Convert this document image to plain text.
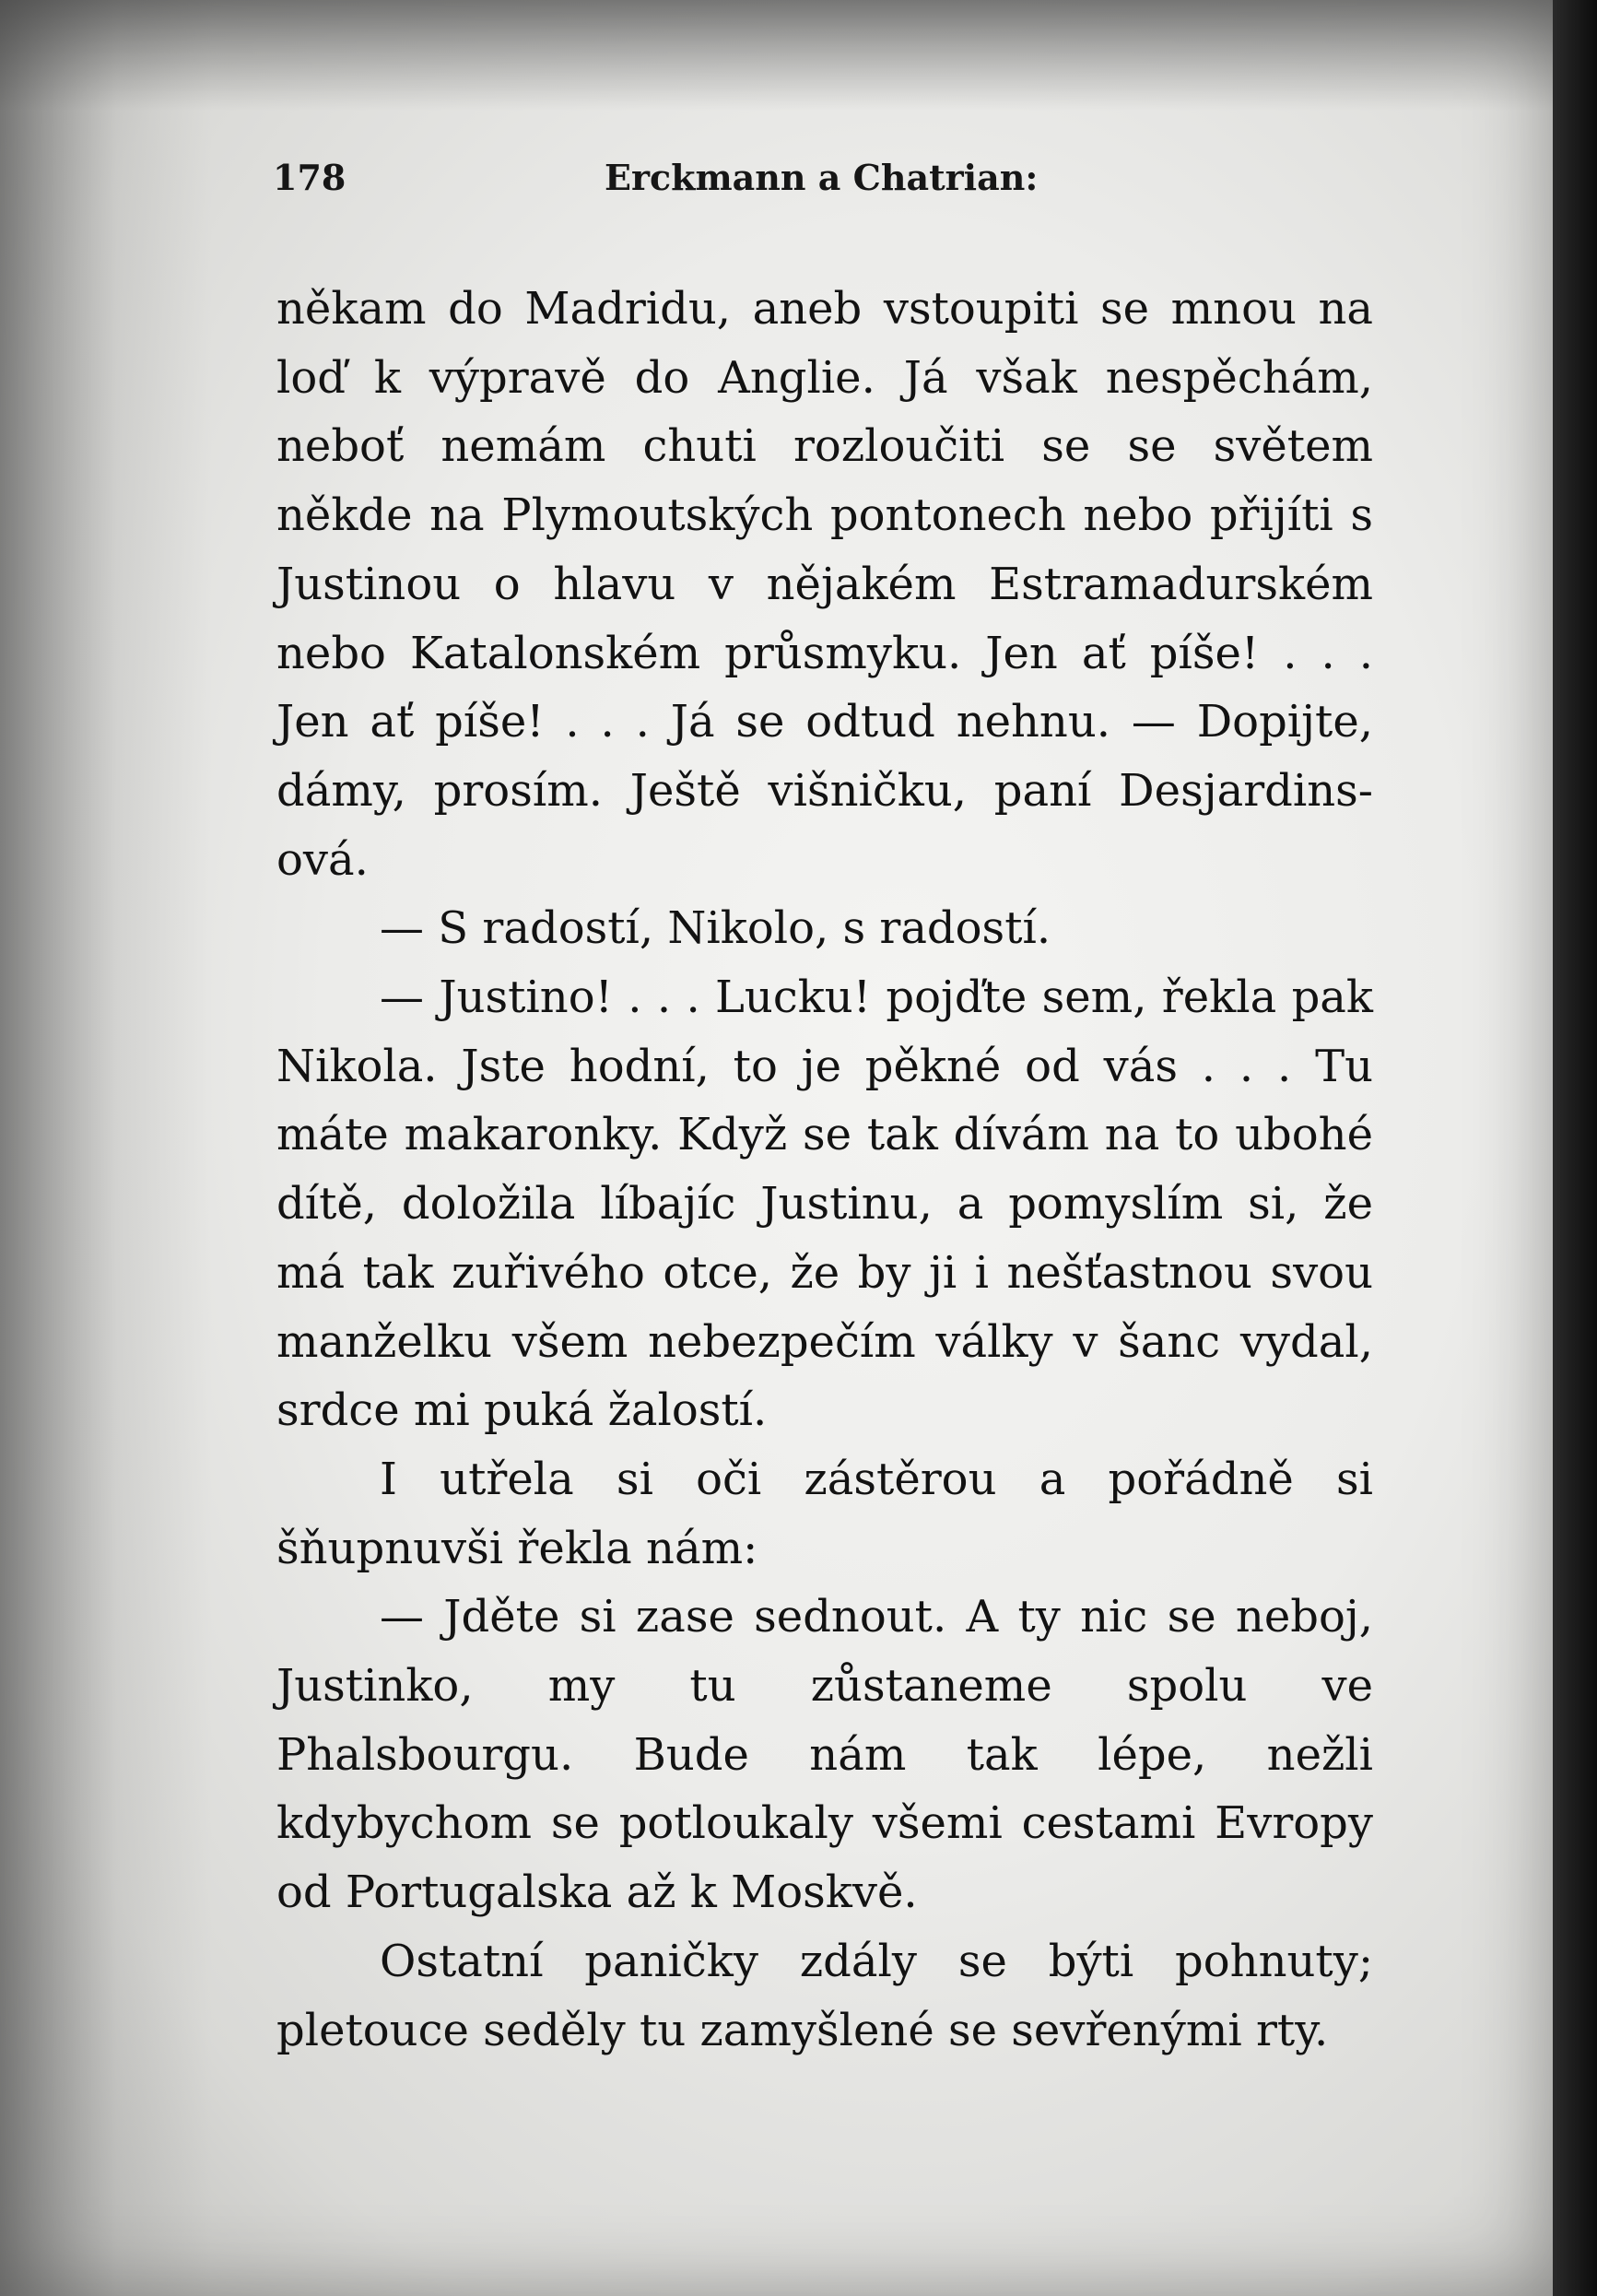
178	Erckmann a Chatrian:

někam do Madridu, aneb vstoupiti se mnou na loď k výpravě do Anglie. Já však nespěchám, neboť nemám chuti rozloučiti se se světem někde na Plymoutských pontonech nebo přijíti s Justinou o hlavu v nějakém Estramadurském nebo Katalonském průsmyku. Jen ať píše! . . . Jen ať píše! . . . Já se odtud nehnu. — Dopijte, dámy, prosím. Ještě višničku, paní Desjardins-ová.

— S radostí, Nikolo, s radostí.

— Justino! . . . Lucku! pojďte sem, řekla pak Nikola. Jste hodní, to je pěkné od vás . . . Tu máte makaronky. Když se tak dívám na to ubohé dítě, doložila líbajíc Justinu, a pomyslím si, že má tak zuřivého otce, že by ji i nešťastnou svou manželku všem nebezpečím války v šanc vydal, srdce mi puká žalostí.

I utřela si oči zástěrou a pořádně si šňupnuvši řekla nám:

— Jděte si zase sednout. A ty nic se neboj, Justinko, my tu zůstaneme spolu ve Phalsbourgu. Bude nám tak lépe, nežli kdybychom se potloukaly všemi cestami Evropy od Portugalska až k Moskvě.

Ostatní paničky zdály se býti pohnuty; pletouce seděly tu zamyšlené se sevřenými rty.
